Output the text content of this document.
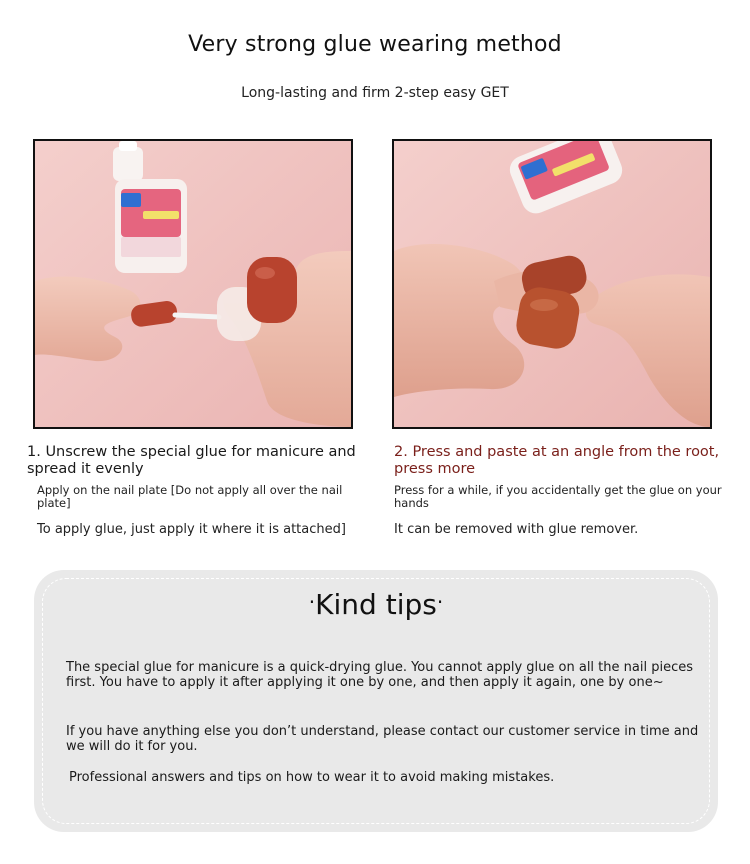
Very strong glue wearing method
Long-lasting and firm 2-step easy GET
1. Unscrew the special glue for manicure and spread it evenly
Apply on the nail plate [Do not apply all over the nail plate]
To apply glue, just apply it where it is attached]
2. Press and paste at an angle from the root, press more
Press for a while, if you accidentally get the glue on your hands
It can be removed with glue remover.
·Kind tips·
The special glue for manicure is a quick-drying glue. You cannot apply glue on all the nail pieces first. You have to apply it after applying it one by one, and then apply it again, one by one~
If you have anything else you don’t understand, please contact our customer service in time and we will do it for you.
Professional answers and tips on how to wear it to avoid making mistakes.
